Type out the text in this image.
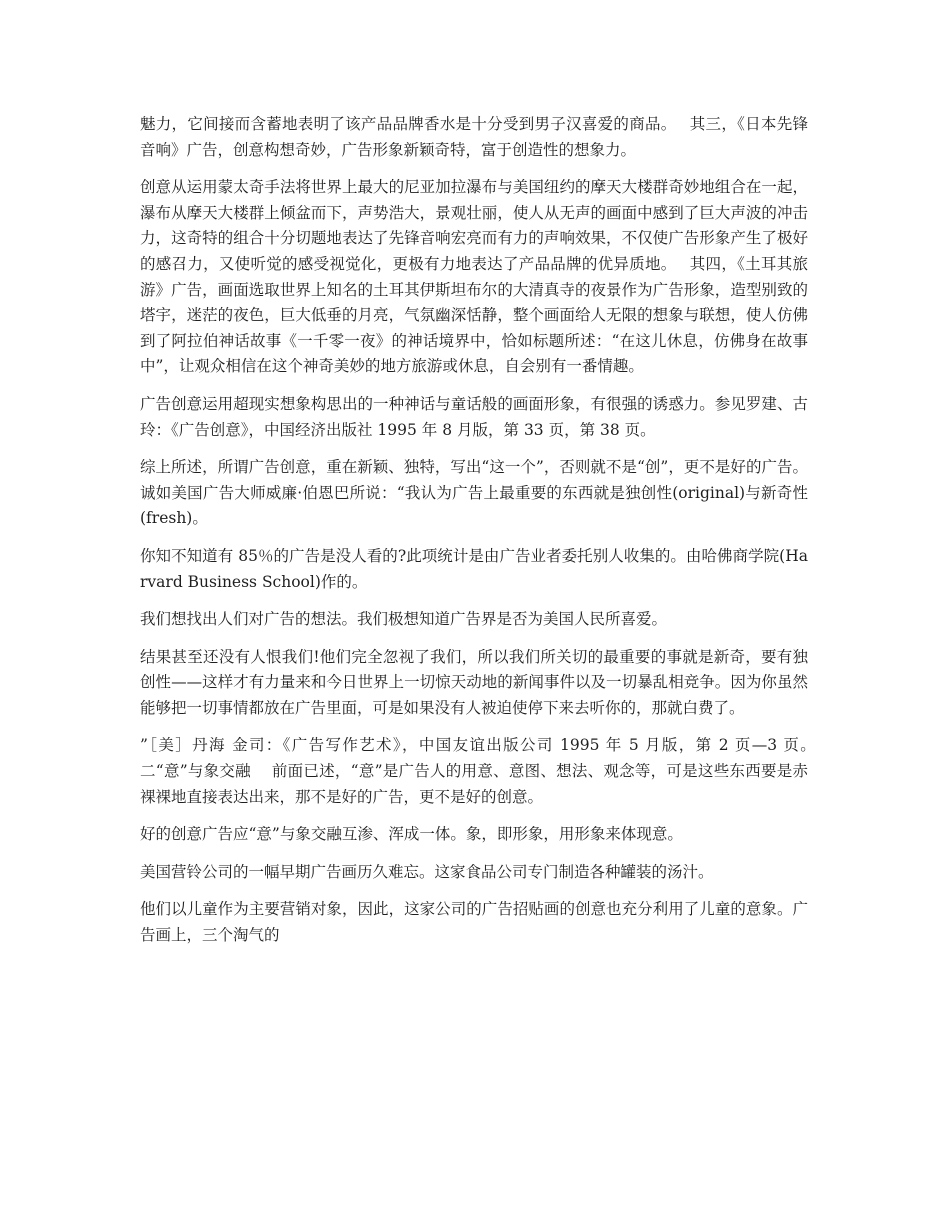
魅力，它间接而含蓄地表明了该产品品牌香水是十分受到男子汉喜爱的商品。　 其三，《日本先锋音响》广告，创意构想奇妙，广告形象新颖奇特，富于创造性的想象力。

创意从运用蒙太奇手法将世界上最大的尼亚加拉瀑布与美国纽约的摩天大楼群奇妙地组合在一起，瀑布从摩天大楼群上倾盆而下，声势浩大，景观壮丽，使人从无声的画面中感到了巨大声波的冲击力，这奇特的组合十分切题地表达了先锋音响宏亮而有力的声响效果，不仅使广告形象产生了极好的感召力，又使听觉的感受视觉化，更极有力地表达了产品品牌的优异质地。　 其四，《土耳其旅游》广告，画面选取世界上知名的土耳其伊斯坦布尔的大清真寺的夜景作为广告形象，造型别致的塔宇，迷茫的夜色，巨大低垂的月亮，气氛幽深恬静，整个画面给人无限的想象与联想，使人仿佛到了阿拉伯神话故事《一千零一夜》的神话境界中，恰如标题所述：“在这儿休息，仿佛身在故事中”，让观众相信在这个神奇美妙的地方旅游或休息，自会别有一番情趣。

广告创意运用超现实想象构思出的一种神话与童话般的画面形象，有很强的诱惑力。参见罗建、古玲：《广告创意》，中国经济出版社 1995 年 8 月版，第 33 页，第 38 页。

综上所述，所谓广告创意，重在新颖、独特，写出“这一个”，否则就不是“创”，更不是好的广告。诚如美国广告大师威廉·伯恩巴所说：“我认为广告上最重要的东西就是独创性(original)与新奇性(fresh)。

你知不知道有 85％的广告是没人看的?此项统计是由广告业者委托别人收集的。由哈佛商学院(Harvard Business School)作的。

我们想找出人们对广告的想法。我们极想知道广告界是否为美国人民所喜爱。

结果甚至还没有人恨我们!他们完全忽视了我们，所以我们所关切的最重要的事就是新奇，要有独创性——这样才有力量来和今日世界上一切惊天动地的新闻事件以及一切暴乱相竞争。因为你虽然能够把一切事情都放在广告里面，可是如果没有人被迫使停下来去听你的，那就白费了。

”［美］丹海 金司：《广告写作艺术》，中国友谊出版公司 1995 年 5 月版，第 2 页—3 页。　　　　　　 二“意”与象交融　 前面已述，“意”是广告人的用意、意图、想法、观念等，可是这些东西要是赤裸裸地直接表达出来，那不是好的广告，更不是好的创意。

好的创意广告应“意”与象交融互渗、浑成一体。象，即形象，用形象来体现意。

美国营铃公司的一幅早期广告画历久难忘。这家食品公司专门制造各种罐装的汤汁。

他们以儿童作为主要营销对象，因此，这家公司的广告招贴画的创意也充分利用了儿童的意象。广告画上，三个淘气的
